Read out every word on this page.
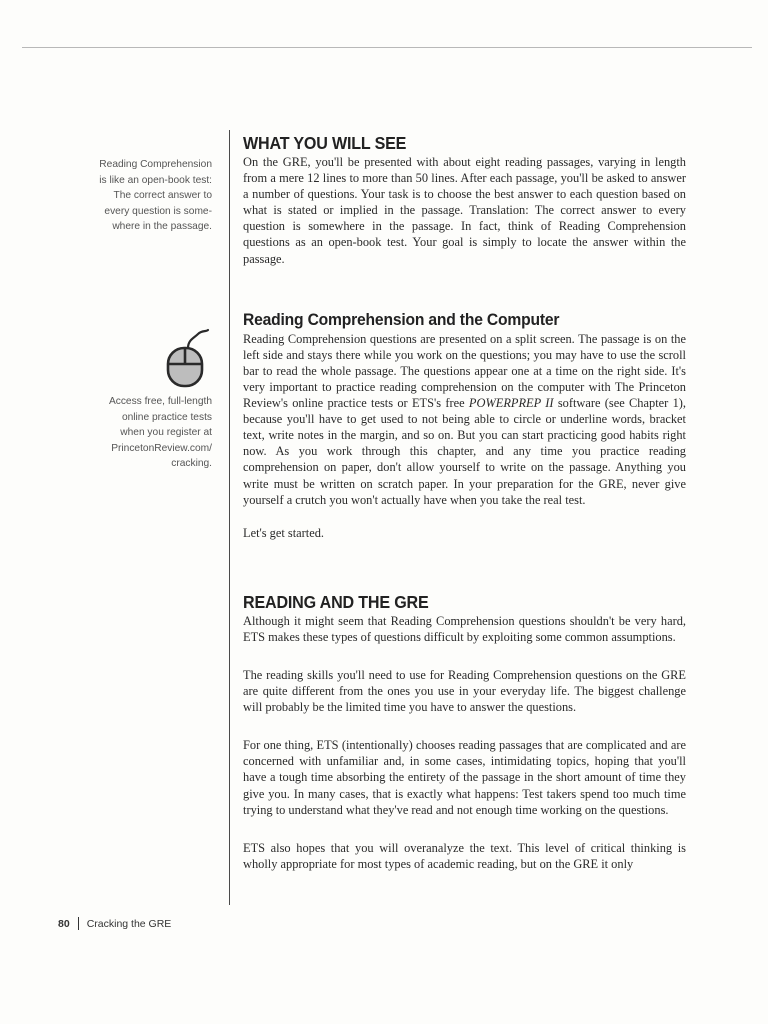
Reading Comprehension
is like an open-book test:
The correct answer to
every question is some-
where in the passage.
Access free, full-length
online practice tests
when you register at
PrincetonReview.com/
cracking.
WHAT YOU WILL SEE

On the GRE, you'll be presented with about eight reading passages, varying in length from a mere 12 lines to more than 50 lines. After each passage, you'll be asked to answer a number of questions. Your task is to choose the best answer to each question based on what is stated or implied in the passage. Translation: The correct answer to every question is somewhere in the passage. In fact, think of Reading Comprehension questions as an open-book test. Your goal is simply to locate the answer within the passage.

Reading Comprehension and the Computer

Reading Comprehension questions are presented on a split screen. The passage is on the left side and stays there while you work on the questions; you may have to use the scroll bar to read the whole passage. The questions appear one at a time on the right side. It's very important to practice reading comprehension on the computer with The Princeton Review's online practice tests or ETS's free POWERPREP II software (see Chapter 1), because you'll have to get used to not being able to circle or underline words, bracket text, write notes in the margin, and so on. But you can start practicing good habits right now. As you work through this chapter, and any time you practice reading comprehension on paper, don't allow yourself to write on the passage. Anything you write must be written on scratch paper. In your preparation for the GRE, never give yourself a crutch you won't actually have when you take the real test.

Let's get started.

READING AND THE GRE

Although it might seem that Reading Comprehension questions shouldn't be very hard, ETS makes these types of questions difficult by exploiting some common assumptions.

The reading skills you'll need to use for Reading Comprehension questions on the GRE are quite different from the ones you use in your everyday life. The biggest challenge will probably be the limited time you have to answer the questions.

For one thing, ETS (intentionally) chooses reading passages that are complicated and are concerned with unfamiliar and, in some cases, intimidating topics, hoping that you'll have a tough time absorbing the entirety of the passage in the short amount of time they give you. In many cases, that is exactly what happens: Test takers spend too much time trying to understand what they've read and not enough time working on the questions.

ETS also hopes that you will overanalyze the text. This level of critical thinking is wholly appropriate for most types of academic reading, but on the GRE it only

80 Cracking the GRE
